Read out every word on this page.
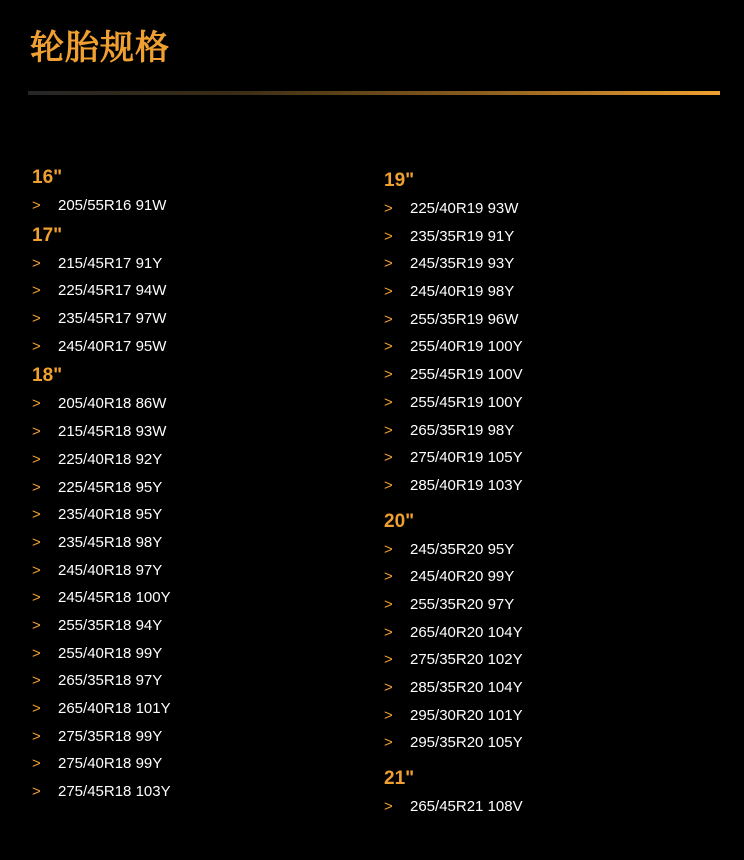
轮胎规格
16"
> 205/55R16 91W
17"
> 215/45R17 91Y
> 225/45R17 94W
> 235/45R17 97W
> 245/40R17 95W
18"
> 205/40R18 86W
> 215/45R18 93W
> 225/40R18 92Y
> 225/45R18 95Y
> 235/40R18 95Y
> 235/45R18 98Y
> 245/40R18 97Y
> 245/45R18 100Y
> 255/35R18 94Y
> 255/40R18 99Y
> 265/35R18 97Y
> 265/40R18 101Y
> 275/35R18 99Y
> 275/40R18 99Y
> 275/45R18 103Y
19"
> 225/40R19 93W
> 235/35R19 91Y
> 245/35R19 93Y
> 245/40R19 98Y
> 255/35R19 96W
> 255/40R19 100Y
> 255/45R19 100V
> 255/45R19 100Y
> 265/35R19 98Y
> 275/40R19 105Y
> 285/40R19 103Y
20"
> 245/35R20 95Y
> 245/40R20 99Y
> 255/35R20 97Y
> 265/40R20 104Y
> 275/35R20 102Y
> 285/35R20 104Y
> 295/30R20 101Y
> 295/35R20 105Y
21"
> 265/45R21 108V
